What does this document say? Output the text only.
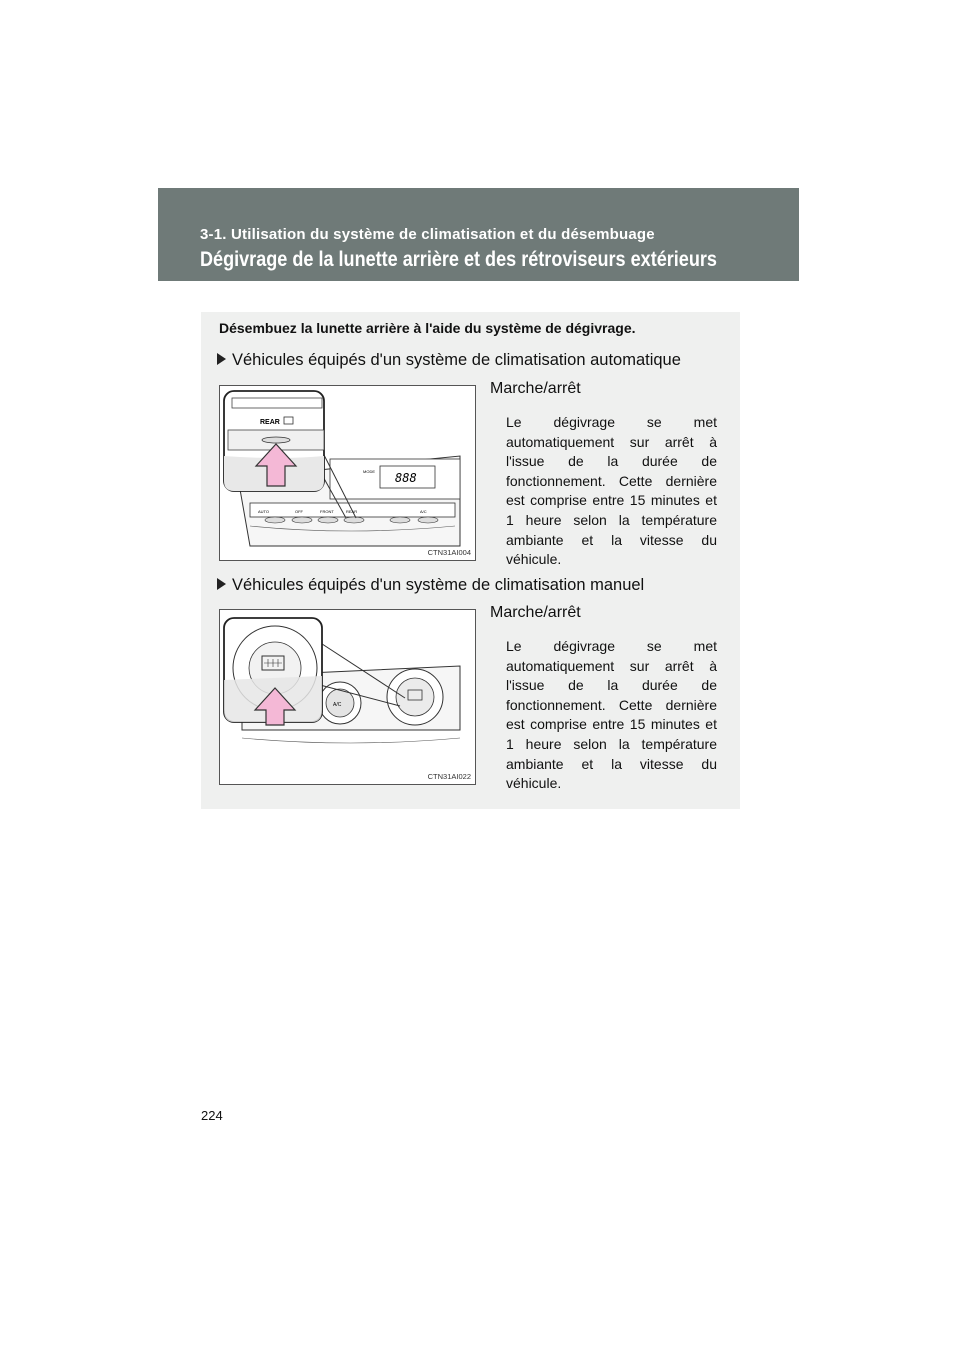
3-1. Utilisation du système de climatisation et du désembuage
Dégivrage de la lunette arrière et des rétroviseurs extérieurs
Désembuez la lunette arrière à l'aide du système de dégivrage.
Véhicules équipés d'un système de climatisation automatique
888
MODE
AUTO	OFF	FRONT	REAR	A/C
REAR
CTN31AI004
Marche/arrêt
Le dégivrage se met automatiquement sur arrêt à l'issue de la durée de fonctionnement. Cette dernière est comprise entre 15 minutes et 1 heure selon la température ambiante et la vitesse du véhicule.
Véhicules équipés d'un système de climatisation manuel
A/C
CTN31AI022
Marche/arrêt
Le dégivrage se met automatiquement sur arrêt à l'issue de la durée de fonctionnement. Cette dernière est comprise entre 15 minutes et 1 heure selon la température ambiante et la vitesse du véhicule.
224
